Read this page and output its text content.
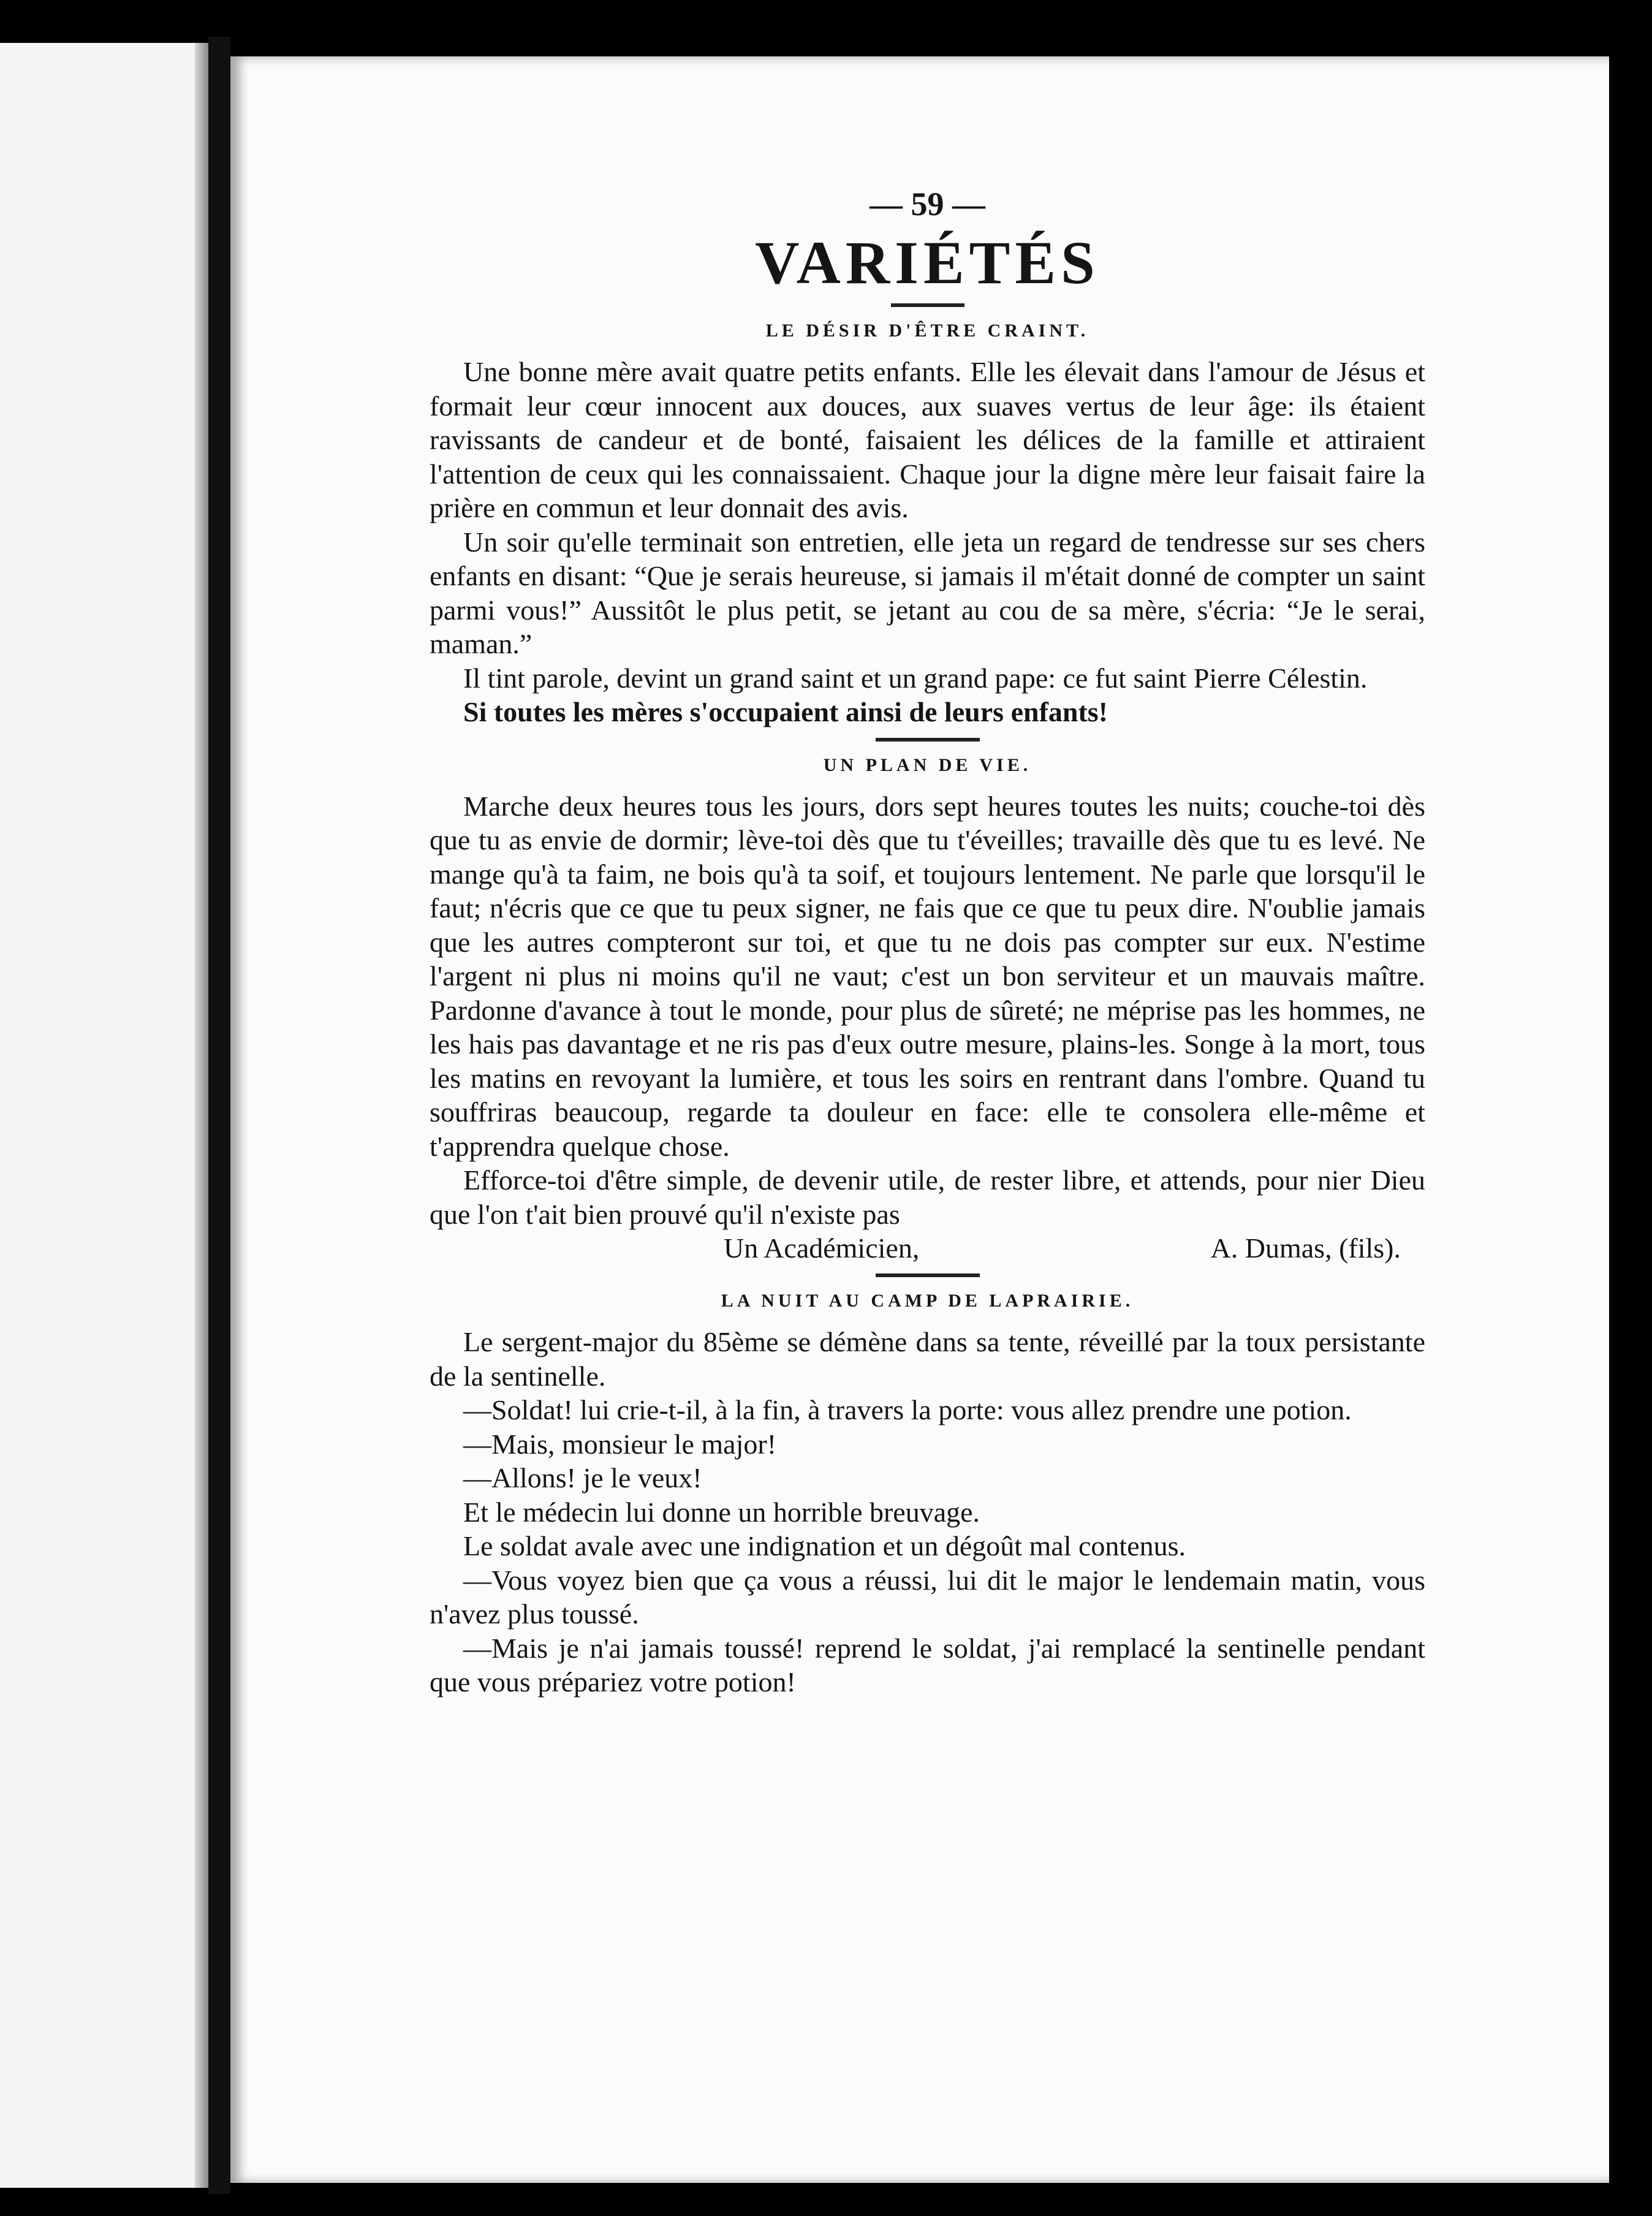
— 59 —
VARIÉTÉS
LE DÉSIR D'ÊTRE CRAINT.

Une bonne mère avait quatre petits enfants. Elle les élevait dans l'amour de Jésus et formait leur cœur innocent aux douces, aux suaves vertus de leur âge: ils étaient ravissants de candeur et de bonté, faisaient les délices de la famille et attiraient l'attention de ceux qui les connaissaient. Chaque jour la digne mère leur faisait faire la prière en commun et leur donnait des avis.

Un soir qu'elle terminait son entretien, elle jeta un regard de tendresse sur ses chers enfants en disant: “Que je serais heureuse, si jamais il m'était donné de compter un saint parmi vous!” Aussitôt le plus petit, se jetant au cou de sa mère, s'écria: “Je le serai, maman.”

Il tint parole, devint un grand saint et un grand pape: ce fut saint Pierre Célestin.

Si toutes les mères s'occupaient ainsi de leurs enfants!

UN PLAN DE VIE.

Marche deux heures tous les jours, dors sept heures toutes les nuits; couche-toi dès que tu as envie de dormir; lève-toi dès que tu t'éveilles; travaille dès que tu es levé. Ne mange qu'à ta faim, ne bois qu'à ta soif, et toujours lentement. Ne parle que lorsqu'il le faut; n'écris que ce que tu peux signer, ne fais que ce que tu peux dire. N'oublie jamais que les autres compteront sur toi, et que tu ne dois pas compter sur eux. N'estime l'argent ni plus ni moins qu'il ne vaut; c'est un bon serviteur et un mauvais maître. Pardonne d'avance à tout le monde, pour plus de sûreté; ne méprise pas les hommes, ne les hais pas davantage et ne ris pas d'eux outre mesure, plains-les. Songe à la mort, tous les matins en revoyant la lumière, et tous les soirs en rentrant dans l'ombre. Quand tu souffriras beaucoup, regarde ta douleur en face: elle te consolera elle-même et t'apprendra quelque chose.

Efforce-toi d'être simple, de devenir utile, de rester libre, et attends, pour nier Dieu que l'on t'ait bien prouvé qu'il n'existe pas

Un Académicien,	A. Dumas, (fils).
LA NUIT AU CAMP DE LAPRAIRIE.

Le sergent-major du 85ème se démène dans sa tente, réveillé par la toux persistante de la sentinelle.

—Soldat! lui crie-t-il, à la fin, à travers la porte: vous allez prendre une potion.

—Mais, monsieur le major!

—Allons! je le veux!

Et le médecin lui donne un horrible breuvage.

Le soldat avale avec une indignation et un dégoût mal contenus.

—Vous voyez bien que ça vous a réussi, lui dit le major le lendemain matin, vous n'avez plus toussé.

—Mais je n'ai jamais toussé! reprend le soldat, j'ai remplacé la sentinelle pendant que vous prépariez votre potion!
